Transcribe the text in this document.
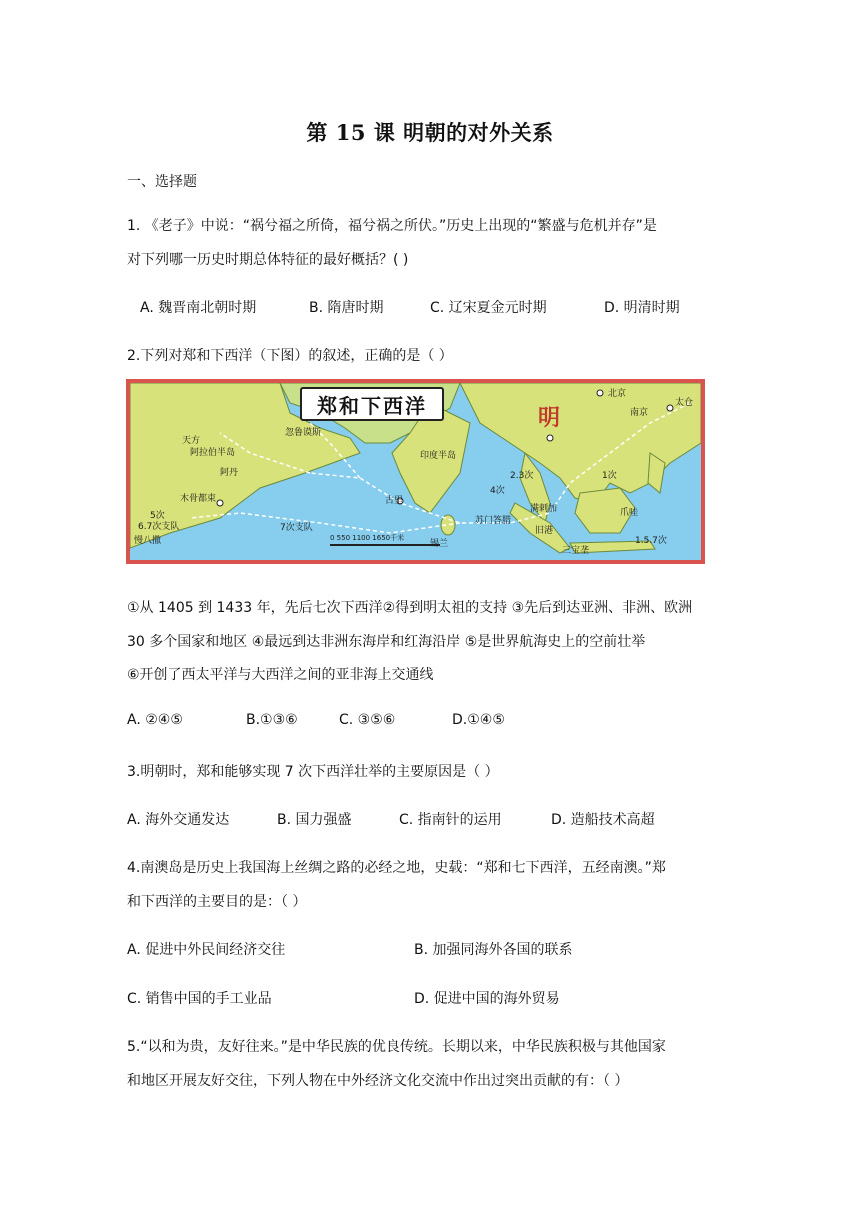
第 15 课 明朝的对外关系
一、选择题
1. 《老子》中说：“祸兮福之所倚，福兮祸之所伏。”历史上出现的“繁盛与危机并存”是
对下列哪一历史时期总体特征的最好概括？( )
A. 魏晋南北朝时期	B. 隋唐时期	C. 辽宋夏金元时期	D. 明清时期
2.下列对郑和下西洋（下图）的叙述，正确的是（ ）
郑和下西洋	明
天方
阿拉伯半岛
阿丹
忽鲁谟斯
印度半岛
古里
锡兰
满剌加
旧港
木骨都束
5次
6.7次支队
慢八撒
7次支队
2.3次	1次
4次
爪哇
苏门答腊
三宝垄
太仓
南京
北京
1.5.7次
0 550 1100 1650千米
①从 1405 到 1433 年，先后七次下西洋②得到明太祖的支持 ③先后到达亚洲、非洲、欧洲
30 多个国家和地区 ④最远到达非洲东海岸和红海沿岸 ⑤是世界航海史上的空前壮举
⑥开创了西太平洋与大西洋之间的亚非海上交通线
A. ②④⑤	B.①③⑥	C. ③⑤⑥	D.①④⑤
3.明朝时，郑和能够实现 7 次下西洋壮举的主要原因是（ ）
A. 海外交通发达	B. 国力强盛	C. 指南针的运用	D. 造船技术高超
4.南澳岛是历史上我国海上丝绸之路的必经之地，史载：“郑和七下西洋，五经南澳。”郑
和下西洋的主要目的是：（ ）
A. 促进中外民间经济交往	B. 加强同海外各国的联系
C. 销售中国的手工业品	D. 促进中国的海外贸易
5.“以和为贵，友好往来。”是中华民族的优良传统。长期以来，中华民族积极与其他国家
和地区开展友好交往，下列人物在中外经济文化交流中作出过突出贡献的有：（ ）
